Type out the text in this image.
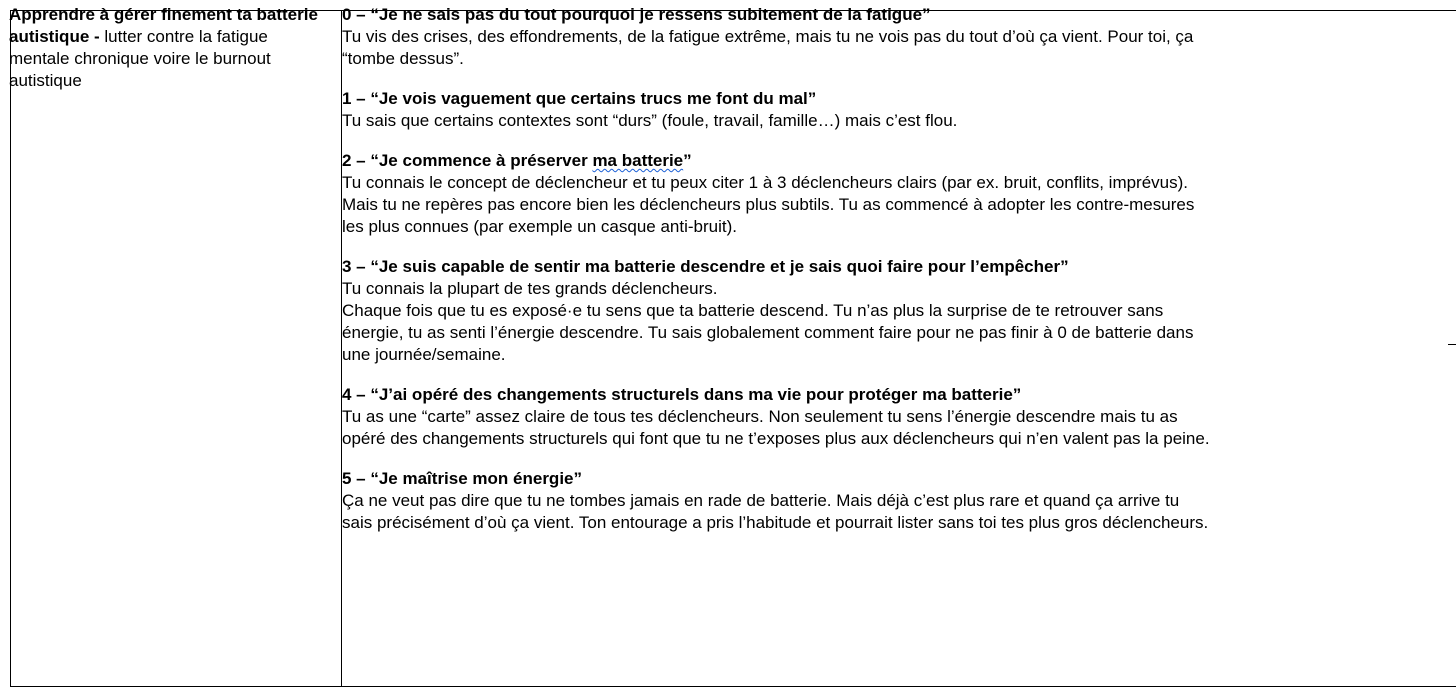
Apprendre à gérer finement ta batterie autistique - lutter contre la fatigue mentale chronique voire le burnout autistique
0 – “Je ne sais pas du tout pourquoi je ressens subitement de la fatigue”
Tu vis des crises, des effondrements, de la fatigue extrême, mais tu ne vois pas du tout d’où ça vient. Pour toi, ça
“tombe dessus”.
1 – “Je vois vaguement que certains trucs me font du mal”
Tu sais que certains contextes sont “durs” (foule, travail, famille…) mais c’est flou.
2 – “Je commence à préserver ma batterie”
Tu connais le concept de déclencheur et tu peux citer 1 à 3 déclencheurs clairs (par ex. bruit, conflits, imprévus).
Mais tu ne repères pas encore bien les déclencheurs plus subtils. Tu as commencé à adopter les contre-mesures
les plus connues (par exemple un casque anti-bruit).
3 – “Je suis capable de sentir ma batterie descendre et je sais quoi faire pour l’empêcher”
Tu connais la plupart de tes grands déclencheurs.
Chaque fois que tu es exposé·e tu sens que ta batterie descend. Tu n’as plus la surprise de te retrouver sans
énergie, tu as senti l’énergie descendre. Tu sais globalement comment faire pour ne pas finir à 0 de batterie dans
une journée/semaine.
4 – “J’ai opéré des changements structurels dans ma vie pour protéger ma batterie”
Tu as une “carte” assez claire de tous tes déclencheurs. Non seulement tu sens l’énergie descendre mais tu as
opéré des changements structurels qui font que tu ne t’exposes plus aux déclencheurs qui n’en valent pas la peine.
5 – “Je maîtrise mon énergie”
Ça ne veut pas dire que tu ne tombes jamais en rade de batterie. Mais déjà c’est plus rare et quand ça arrive tu
sais précisément d’où ça vient. Ton entourage a pris l’habitude et pourrait lister sans toi tes plus gros déclencheurs.
